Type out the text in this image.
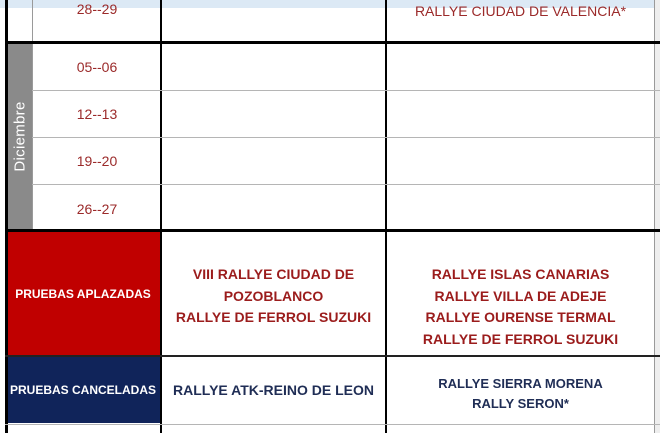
PRUEBAS APLAZADAS
PRUEBAS CANCELADAS
Diciembre
28--29	RALLYE CIUDAD DE VALENCIA*
05--06
12--13
19--20
26--27
VIII RALLYE CIUDAD DE
POZOBLANCO
RALLYE DE FERROL SUZUKI
RALLYE ISLAS CANARIAS
RALLYE VILLA DE ADEJE
RALLYE OURENSE TERMAL
RALLYE DE FERROL SUZUKI
RALLYE ATK-REINO DE LEON	RALLYE SIERRA MORENA
RALLY SERON*
